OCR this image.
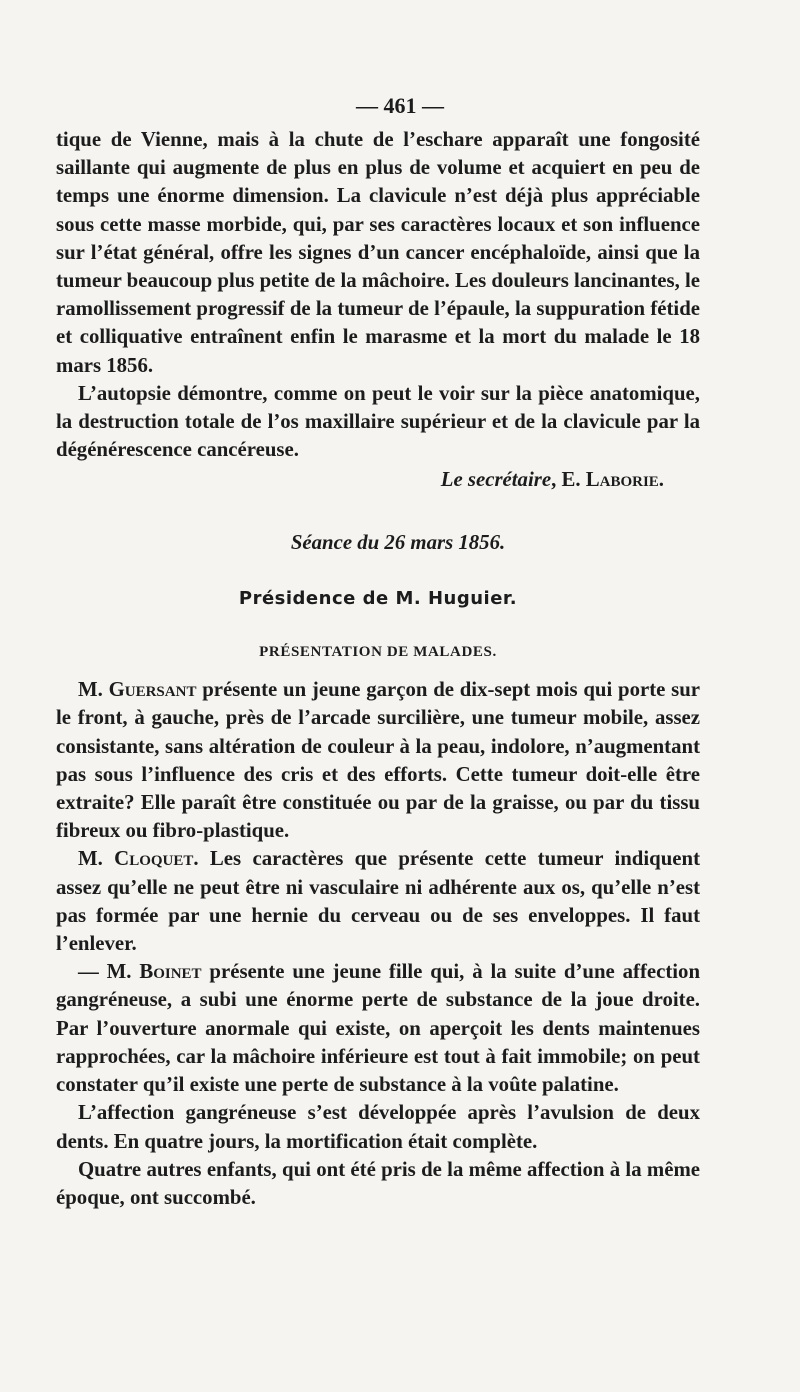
— 461 —

tique de Vienne, mais à la chute de l’eschare apparaît une fongosité saillante qui augmente de plus en plus de volume et acquiert en peu de temps une énorme dimension. La clavicule n’est déjà plus appréciable sous cette masse morbide, qui, par ses caractères locaux et son influence sur l’état général, offre les signes d’un cancer encéphaloïde, ainsi que la tumeur beaucoup plus petite de la mâchoire. Les douleurs lancinantes, le ramollissement progressif de la tumeur de l’épaule, la suppuration fétide et colliquative entraînent enfin le marasme et la mort du malade le 18 mars 1856.

L’autopsie démontre, comme on peut le voir sur la pièce anatomique, la destruction totale de l’os maxillaire supérieur et de la clavicule par la dégénérescence cancéreuse.

Le secrétaire, E. Laborie.

Séance du 26 mars 1856.

Présidence de M. Huguier.

PRÉSENTATION DE MALADES.

M. Guersant présente un jeune garçon de dix-sept mois qui porte sur le front, à gauche, près de l’arcade surcilière, une tumeur mobile, assez consistante, sans altération de couleur à la peau, indolore, n’augmentant pas sous l’influence des cris et des efforts. Cette tumeur doit-elle être extraite? Elle paraît être constituée ou par de la graisse, ou par du tissu fibreux ou fibro-plastique.

M. Cloquet. Les caractères que présente cette tumeur indiquent assez qu’elle ne peut être ni vasculaire ni adhérente aux os, qu’elle n’est pas formée par une hernie du cerveau ou de ses enveloppes. Il faut l’enlever.

— M. Boinet présente une jeune fille qui, à la suite d’une affection gangréneuse, a subi une énorme perte de substance de la joue droite. Par l’ouverture anormale qui existe, on aperçoit les dents maintenues rapprochées, car la mâchoire inférieure est tout à fait immobile; on peut constater qu’il existe une perte de substance à la voûte palatine.

L’affection gangréneuse s’est développée après l’avulsion de deux dents. En quatre jours, la mortification était complète.

Quatre autres enfants, qui ont été pris de la même affection à la même époque, ont succombé.
